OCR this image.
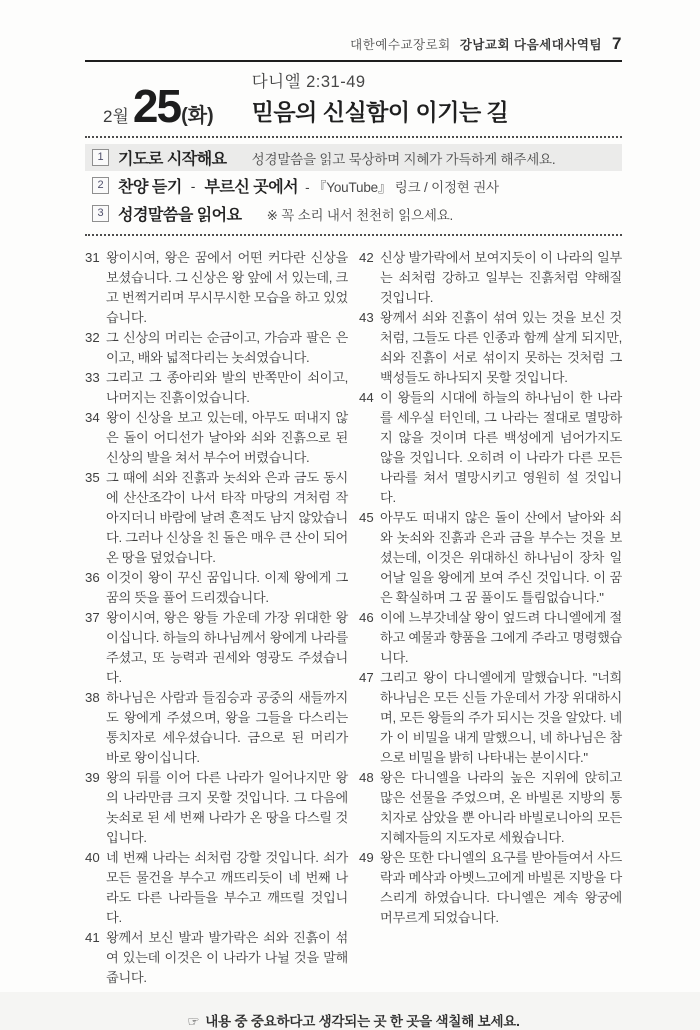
대한예수교장로회 강남교회 다음세대사역팀 7
2월 25 (화)
다니엘 2:31-49
믿음의 신실함이 이기는 길
1 기도로 시작해요 성경말씀을 읽고 묵상하며 지혜가 가득하게 해주세요.
2 찬양 듣기 - 부르신 곳에서 - 『YouTube』 링크 / 이정현 권사
3 성경말씀을 읽어요 ※ 꼭 소리 내서 천천히 읽으세요.
31 왕이시여, 왕은 꿈에서 어떤 커다란 신상을 보셨습니다. 그 신상은 왕 앞에 서 있는데, 크고 번쩍거리며 무시무시한 모습을 하고 있었습니다.
32 그 신상의 머리는 순금이고, 가슴과 팔은 은이고, 배와 넓적다리는 놋쇠였습니다.
33 그리고 그 종아리와 발의 반쪽만이 쇠이고, 나머지는 진흙이었습니다.
34 왕이 신상을 보고 있는데, 아무도 떠내지 않은 돌이 어디선가 날아와 쇠와 진흙으로 된 신상의 발을 쳐서 부수어 버렸습니다.
35 그 때에 쇠와 진흙과 놋쇠와 은과 금도 동시에 산산조각이 나서 타작 마당의 겨처럼 작아지더니 바람에 날려 흔적도 남지 않았습니다. 그러나 신상을 친 돌은 매우 큰 산이 되어 온 땅을 덮었습니다.
36 이것이 왕이 꾸신 꿈입니다. 이제 왕에게 그 꿈의 뜻을 풀어 드리겠습니다.
37 왕이시여, 왕은 왕들 가운데 가장 위대한 왕이십니다. 하늘의 하나님께서 왕에게 나라를 주셨고, 또 능력과 권세와 영광도 주셨습니다.
38 하나님은 사람과 들짐승과 공중의 새들까지도 왕에게 주셨으며, 왕을 그들을 다스리는 통치자로 세우셨습니다. 금으로 된 머리가 바로 왕이십니다.
39 왕의 뒤를 이어 다른 나라가 일어나지만 왕의 나라만큼 크지 못할 것입니다. 그 다음에 놋쇠로 된 세 번째 나라가 온 땅을 다스릴 것입니다.
40 네 번째 나라는 쇠처럼 강할 것입니다. 쇠가 모든 물건을 부수고 깨뜨리듯이 네 번째 나라도 다른 나라들을 부수고 깨뜨릴 것입니다.
41 왕께서 보신 발과 발가락은 쇠와 진흙이 섞여 있는데 이것은 이 나라가 나뉠 것을 말해 줍니다.
42 신상 발가락에서 보여지듯이 이 나라의 일부는 쇠처럼 강하고 일부는 진흙처럼 약해질 것입니다.
43 왕께서 쇠와 진흙이 섞여 있는 것을 보신 것처럼, 그들도 다른 인종과 함께 살게 되지만, 쇠와 진흙이 서로 섞이지 못하는 것처럼 그 백성들도 하나되지 못할 것입니다.
44 이 왕들의 시대에 하늘의 하나님이 한 나라를 세우실 터인데, 그 나라는 절대로 멸망하지 않을 것이며 다른 백성에게 넘어가지도 않을 것입니다. 오히려 이 나라가 다른 모든 나라를 쳐서 멸망시키고 영원히 설 것입니다.
45 아무도 떠내지 않은 돌이 산에서 날아와 쇠와 놋쇠와 진흙과 은과 금을 부수는 것을 보셨는데, 이것은 위대하신 하나님이 장차 일어날 일을 왕에게 보여 주신 것입니다. 이 꿈은 확실하며 그 꿈 풀이도 틀림없습니다."
46 이에 느부갓네살 왕이 엎드려 다니엘에게 절하고 예물과 향품을 그에게 주라고 명령했습니다.
47 그리고 왕이 다니엘에게 말했습니다. "너희 하나님은 모든 신들 가운데서 가장 위대하시며, 모든 왕들의 주가 되시는 것을 알았다. 네가 이 비밀을 내게 말했으니, 네 하나님은 참으로 비밀을 밝히 나타내는 분이시다."
48 왕은 다니엘을 나라의 높은 지위에 앉히고 많은 선물을 주었으며, 온 바빌론 지방의 통치자로 삼았을 뿐 아니라 바빌로니아의 모든 지혜자들의 지도자로 세웠습니다.
49 왕은 또한 다니엘의 요구를 받아들여서 사드락과 메삭과 아벳느고에게 바빌론 지방을 다스리게 하였습니다. 다니엘은 계속 왕궁에 머무르게 되었습니다.
☞ 내용 중 중요하다고 생각되는 곳 한 곳을 색칠해 보세요.
